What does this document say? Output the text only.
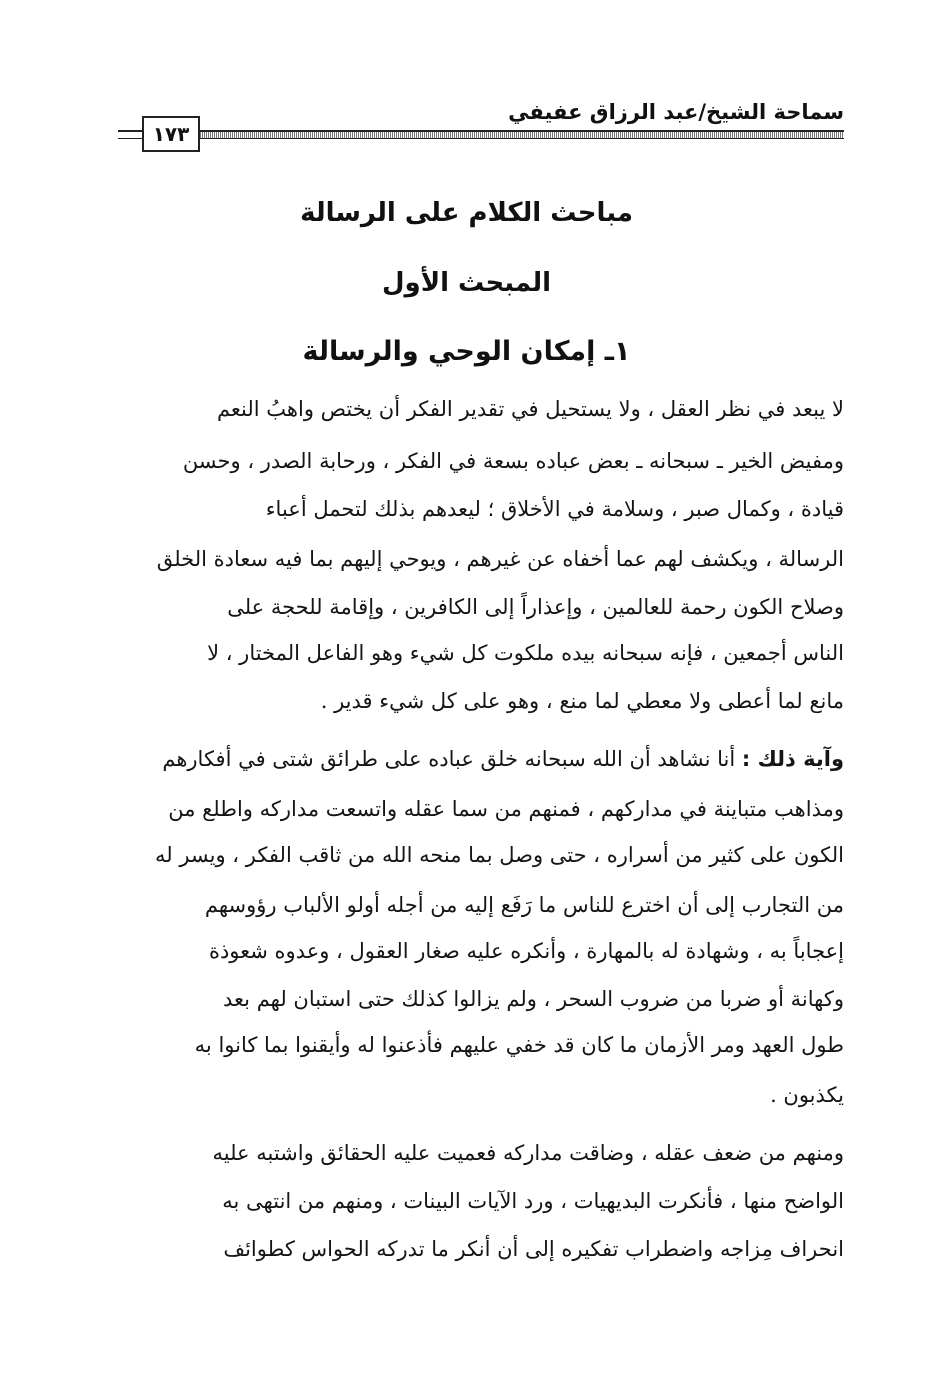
سماحة الشيخ/عبد الرزاق عفيفي
١٧٣
مباحث الكلام على الرسالة
المبحث الأول
١ـ إمكان الوحي والرسالة
لا يبعد في نظر العقل ، ولا يستحيل في تقدير الفكر أن يختص واهبُ النعم
ومفيض الخير ـ سبحانه ـ بعض عباده بسعة في الفكر ، ورحابة الصدر ، وحسن
قيادة ، وكمال صبر ، وسلامة في الأخلاق ؛ ليعدهم بذلك لتحمل أعباء
الرسالة ، ويكشف لهم عما أخفاه عن غيرهم ، ويوحي إليهم بما فيه سعادة الخلق
وصلاح الكون رحمة للعالمين ، وإعذاراً إلى الكافرين ، وإقامة للحجة على
الناس أجمعين ، فإنه سبحانه بيده ملكوت كل شيء وهو الفاعل المختار ، لا
مانع لما أعطى ولا معطي لما منع ، وهو على كل شيء قدير .
وآية ذلك : أنا نشاهد أن الله سبحانه خلق عباده على طرائق شتى في أفكارهم
ومذاهب متباينة في مداركهم ، فمنهم من سما عقله واتسعت مداركه واطلع من
الكون على كثير من أسراره ، حتى وصل بما منحه الله من ثاقب الفكر ، ويسر له
من التجارب إلى أن اخترع للناس ما رَفَع إليه من أجله أولو الألباب رؤوسهم
إعجاباً به ، وشهادة له بالمهارة ، وأنكره عليه صغار العقول ، وعدوه شعوذة
وكهانة أو ضربا من ضروب السحر ، ولم يزالوا كذلك حتى استبان لهم بعد
طول العهد ومر الأزمان ما كان قد خفي عليهم فأذعنوا له وأيقنوا بما كانوا به
يكذبون .
ومنهم من ضعف عقله ، وضاقت مداركه فعميت عليه الحقائق واشتبه عليه
الواضح منها ، فأنكرت البديهيات ، ورد الآيات البينات ، ومنهم من انتهى به
انحراف مِزاجه واضطراب تفكيره إلى أن أنكر ما تدركه الحواس كطوائف
